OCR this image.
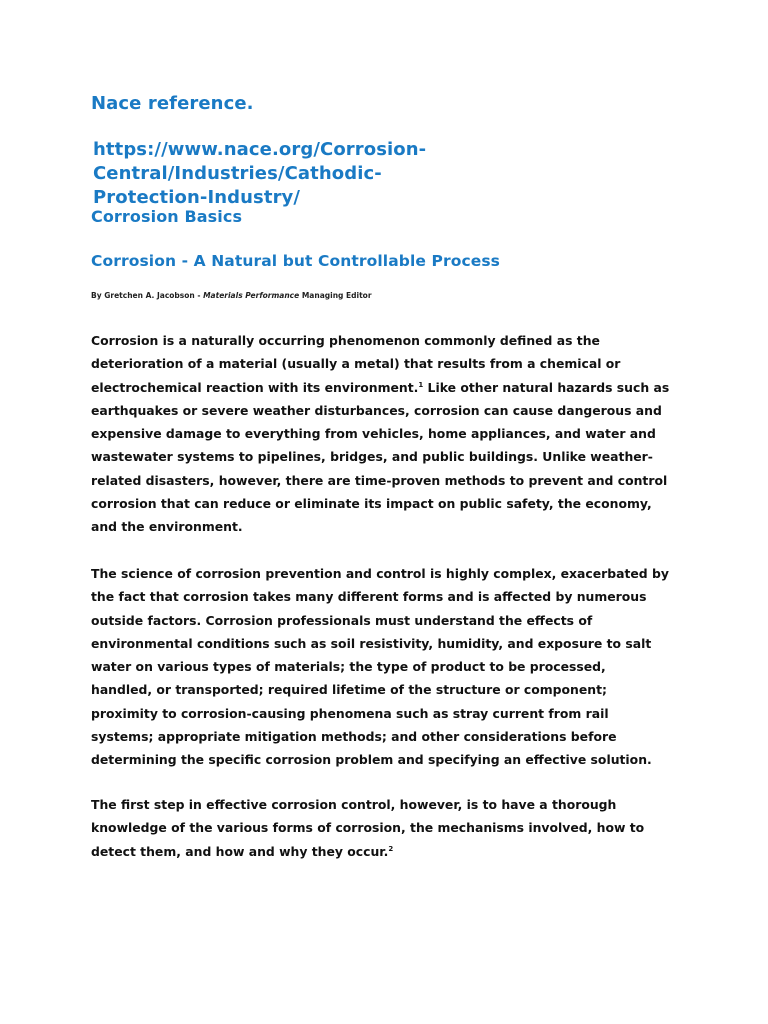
Nace reference.
https://www.nace.org/Corrosion-Central/Industries/Cathodic-
Protection-Industry/
Corrosion Basics
Corrosion - A Natural but Controllable Process
By Gretchen A. Jacobson - Materials Performance Managing Editor

Corrosion is a naturally occurring phenomenon commonly defined as the deterioration of a material (usually a metal) that results from a chemical or electrochemical reaction with its environment.$^1$ Like other natural hazards such as earthquakes or severe weather disturbances, corrosion can cause dangerous and expensive damage to everything from vehicles, home appliances, and water and wastewater systems to pipelines, bridges, and public buildings. Unlike weather-related disasters, however, there are time-proven methods to prevent and control corrosion that can reduce or eliminate its impact on public safety, the economy, and the environment.

The science of corrosion prevention and control is highly complex, exacerbated by the fact that corrosion takes many different forms and is affected by numerous outside factors. Corrosion professionals must understand the effects of environmental conditions such as soil resistivity, humidity, and exposure to salt water on various types of materials; the type of product to be processed, handled, or transported; required lifetime of the structure or component; proximity to corrosion-causing phenomena such as stray current from rail systems; appropriate mitigation methods; and other considerations before determining the specific corrosion problem and specifying an effective solution.

The first step in effective corrosion control, however, is to have a thorough knowledge of the various forms of corrosion, the mechanisms involved, how to detect them, and how and why they occur.$^2$
